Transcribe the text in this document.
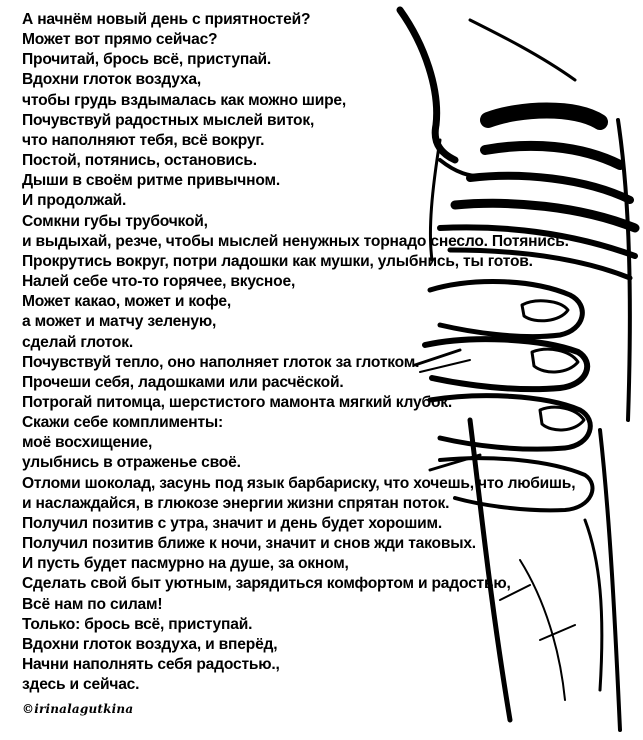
А начнём новый день с приятностей?
Может вот прямо сейчас?
Прочитай, брось всё, приступай.
Вдохни глоток воздуха,
чтобы грудь вздымалась как можно шире,
Почувствуй радостных мыслей виток,
что наполняют тебя, всё вокруг.
Постой, потянись, остановись.
Дыши в своём ритме привычном.
И продолжай.
Сомкни губы трубочкой,
и выдыхай, резче, чтобы мыслей ненужных торнадо снесло. Потянись.
Прокрутись вокруг, потри ладошки как мушки, улыбнись, ты готов.
Налей себе что-то горячее, вкусное,
Может какао, может и кофе,
а может и матчу зеленую,
сделай глоток.
Почувствуй тепло, оно наполняет глоток за глотком.
Прочеши себя, ладошками или расчёской.
Потрогай питомца, шерстистого мамонта мягкий клубок.
Скажи себе комплименты:
моё восхищение,
улыбнись в отраженье своё.
Отломи шоколад, засунь под язык барбариску, что хочешь, что любишь,
и наслаждайся, в глюкозе энергии жизни спрятан поток.
Получил позитив с утра, значит и день будет хорошим.
Получил позитив ближе к ночи, значит и снов жди таковых.
И пусть будет пасмурно на душе, за окном,
Сделать свой быт уютным, зарядиться комфортом и радостью,
Всё нам по силам!
Только: брось всё, приступай.
Вдохни глоток воздуха, и вперёд,
Начни наполнять себя радостью.,
здесь и сейчас.
©irinalagutkina
